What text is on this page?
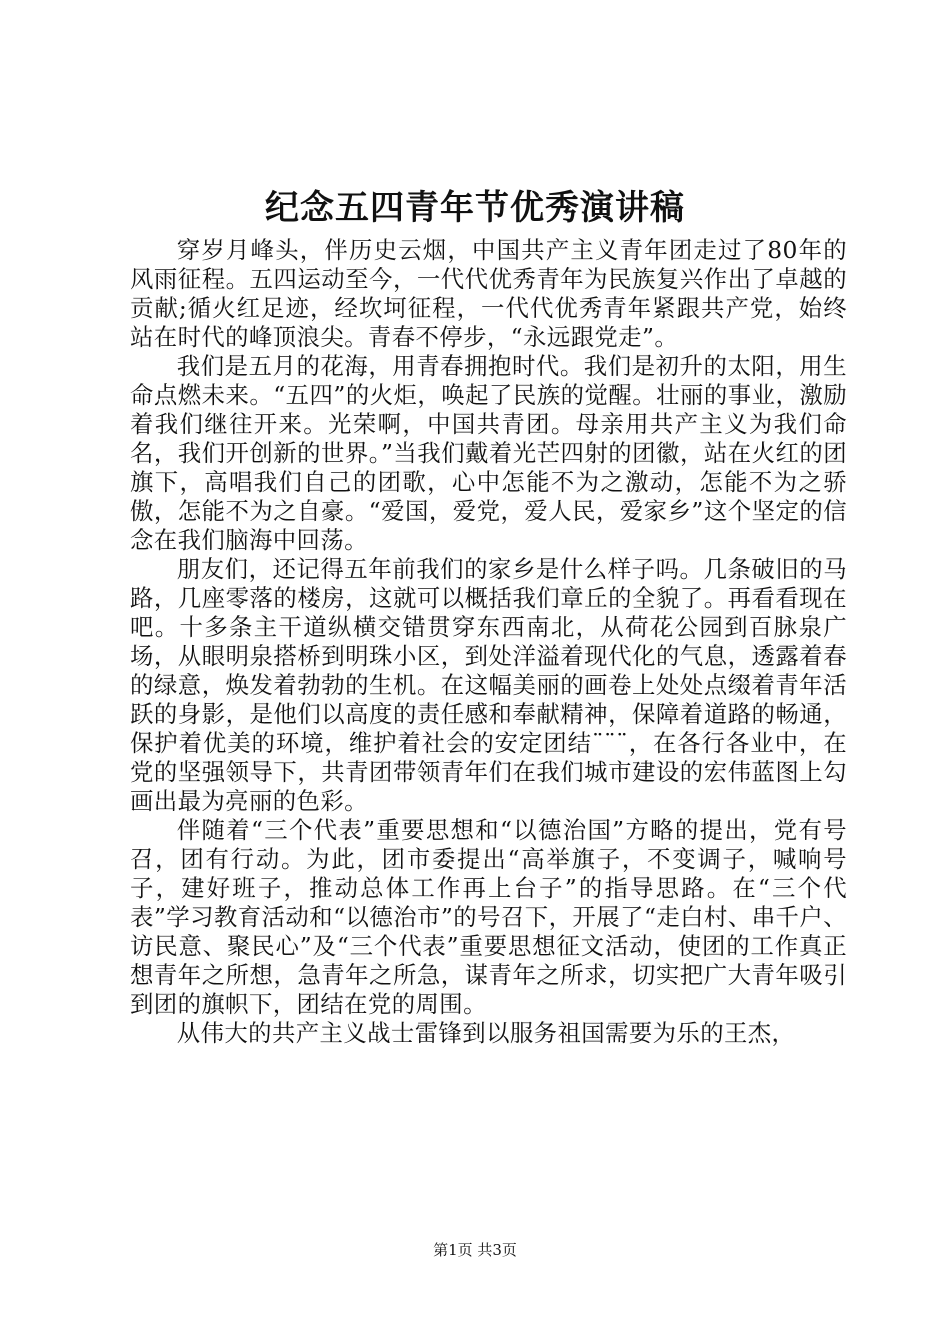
纪念五四青年节优秀演讲稿

穿岁月峰头，伴历史云烟，中国共产主义青年团走过了80年的风雨征程。五四运动至今，一代代优秀青年为民族复兴作出了卓越的贡献;循火红足迹，经坎坷征程，一代代优秀青年紧跟共产党，始终站在时代的峰顶浪尖。青春不停步，“永远跟党走”。

我们是五月的花海，用青春拥抱时代。我们是初升的太阳，用生命点燃未来。“五四”的火炬，唤起了民族的觉醒。壮丽的事业，激励着我们继往开来。光荣啊，中国共青团。母亲用共产主义为我们命名，我们开创新的世界。”当我们戴着光芒四射的团徽，站在火红的团旗下，高唱我们自己的团歌，心中怎能不为之激动，怎能不为之骄傲，怎能不为之自豪。“爱国，爱党，爱人民，爱家乡”这个坚定的信念在我们脑海中回荡。

朋友们，还记得五年前我们的家乡是什么样子吗。几条破旧的马路，几座零落的楼房，这就可以概括我们章丘的全貌了。再看看现在吧。十多条主干道纵横交错贯穿东西南北，从荷花公园到百脉泉广场，从眼明泉搭桥到明珠小区，到处洋溢着现代化的气息，透露着春的绿意，焕发着勃勃的生机。在这幅美丽的画卷上处处点缀着青年活跃的身影，是他们以高度的责任感和奉献精神，保障着道路的畅通，保护着优美的环境，维护着社会的安定团结¨¨¨，在各行各业中，在党的坚强领导下，共青团带领青年们在我们城市建设的宏伟蓝图上勾画出最为亮丽的色彩。

伴随着“三个代表”重要思想和“以德治国”方略的提出，党有号召，团有行动。为此，团市委提出“高举旗子，不变调子，喊响号子，建好班子，推动总体工作再上台子”的指导思路。在“三个代表”学习教育活动和“以德治市”的号召下，开展了“走白村、串千户、访民意、聚民心”及“三个代表”重要思想征文活动，使团的工作真正想青年之所想，急青年之所急，谋青年之所求，切实把广大青年吸引到团的旗帜下，团结在党的周围。

从伟大的共产主义战士雷锋到以服务祖国需要为乐的王杰，

第1页 共3页
